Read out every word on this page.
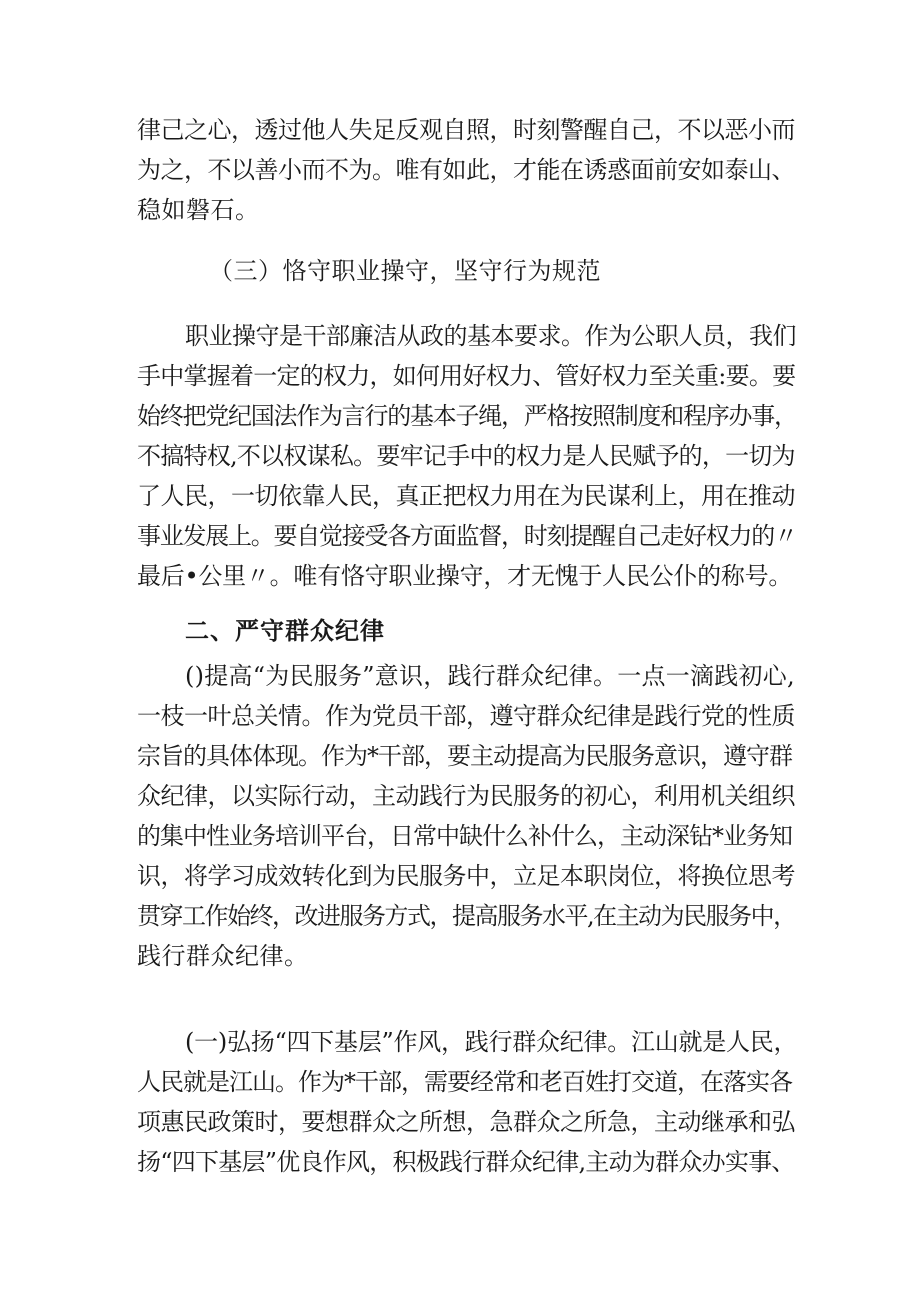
律己之心，透过他人失足反观自照，时刻警醒自己，不以恶小而
为之，不以善小而不为。唯有如此，才能在诱惑面前安如泰山、
稳如磐石。
（三）恪守职业操守，坚守行为规范
职业操守是干部廉洁从政的基本要求。作为公职人员，我们
手中掌握着一定的权力，如何用好权力、管好权力至关重:要。要
始终把党纪国法作为言行的基本子绳，严格按照制度和程序办事，
不搞特权,不以权谋私。要牢记手中的权力是人民赋予的，一切为
了人民，一切依靠人民，真正把权力用在为民谋利上，用在推动
事业发展上。要自觉接受各方面监督，时刻提醒自己走好权力的〃
最后•公里〃。唯有恪守职业操守，才无愧于人民公仆的称号。
二、严守群众纪律
()提高“为民服务”意识，践行群众纪律。一点一滴践初心,
一枝一叶总关情。作为党员干部，遵守群众纪律是践行党的性质
宗旨的具体体现。作为*干部，要主动提高为民服务意识，遵守群
众纪律，以实际行动，主动践行为民服务的初心，利用机关组织
的集中性业务培训平台，日常中缺什么补什么，主动深钻*业务知
识，将学习成效转化到为民服务中，立足本职岗位，将换位思考
贯穿工作始终，改进服务方式，提高服务水平,在主动为民服务中，
践行群众纪律。
(一)弘扬“四下基层”作风，践行群众纪律。江山就是人民，
人民就是江山。作为*干部，需要经常和老百姓打交道，在落实各
项惠民政策时，要想群众之所想，急群众之所急，主动继承和弘
扬“四下基层”优良作风，积极践行群众纪律,主动为群众办实事、
